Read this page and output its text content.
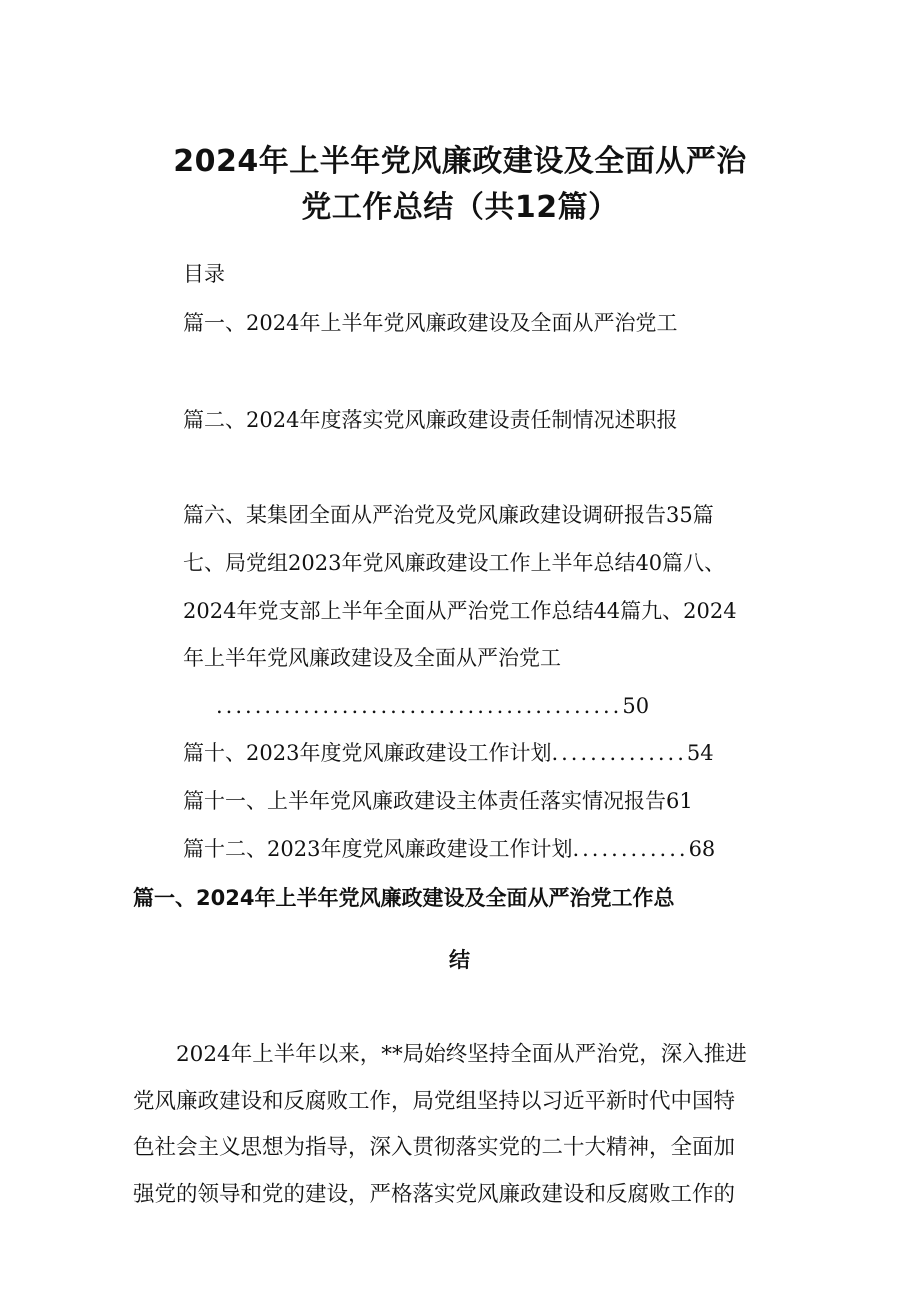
2024年上半年党风廉政建设及全面从严治
党工作总结（共12篇）
目录
篇一、2024年上半年党风廉政建设及全面从严治党工
篇二、2024年度落实党风廉政建设责任制情况述职报
篇六、某集团全面从严治党及党风廉政建设调研报告35篇
七、局党组2023年党风廉政建设工作上半年总结40篇八、
2024年党支部上半年全面从严治党工作总结44篇九、2024
年上半年党风廉政建设及全面从严治党工
..........................................50
篇十、2023年度党风廉政建设工作计划..............54
篇十一、上半年党风廉政建设主体责任落实情况报告61
篇十二、2023年度党风廉政建设工作计划............68
篇一、2024年上半年党风廉政建设及全面从严治党工作总
结
　　2024年上半年以来，**局始终坚持全面从严治党，深入推进
党风廉政建设和反腐败工作，局党组坚持以习近平新时代中国特
色社会主义思想为指导，深入贯彻落实党的二十大精神，全面加
强党的领导和党的建设，严格落实党风廉政建设和反腐败工作的
